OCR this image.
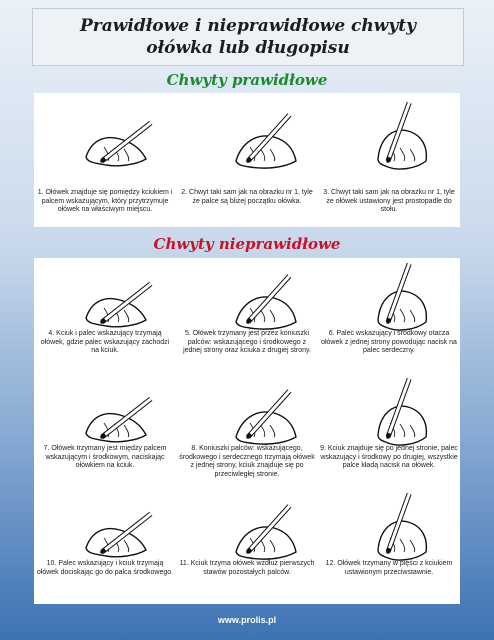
Prawidłowe i nieprawidłowe chwyty
ołówka lub długopisu
Chwyty prawidłowe
1. Ołówek znajduje się pomiędzy kciukiem i palcem wskazującym, który przytrzymuje ołówek na właściwym miejscu.
2. Chwyt taki sam jak na obrazku nr 1, tyle że palce są bliżej początku ołówka.
3. Chwyt taki sam jak na obrazku nr 1, tyle że ołówek ustawiony jest prostopadle do stołu.
Chwyty nieprawidłowe
4. Kciuk i palec wskazujący trzymają ołówek, gdzie palec wskazujący zachodzi na kciuk.
5. Ołówek trzymany jest przez koniuszki palców: wskazującego i środkowego z jednej strony oraz kciuka z drugiej strony.
6. Palec wskazujący i środkowy otacza ołówek z jednej strony powodując nacisk na palec serdeczny.
7. Ołówek trzymany jest między palcem wskazującym i środkowym, naciskając ołówkiem na kciuk.
8. Koniuszki palców: wskazującego, środkowego i serdecznego trzymają ołówek z jednej strony, kciuk znajduje się po przeciwległej stronie.
9. Kciuk znajduje się po jednej stronie, palec wskazujący i środkowy po drugiej, wszystkie palce kładą nacisk na ołówek.
10. Palec wskazujący i kciuk trzymają ołówek dociskając go do palca środkowego.
11. Kciuk trzyma ołówek wzdłuż pierwszych stawów pozostałych palców.
12. Ołówek trzymany w pięści z kciukiem ustawionym przeciwstawnie.
www.prolis.pl
